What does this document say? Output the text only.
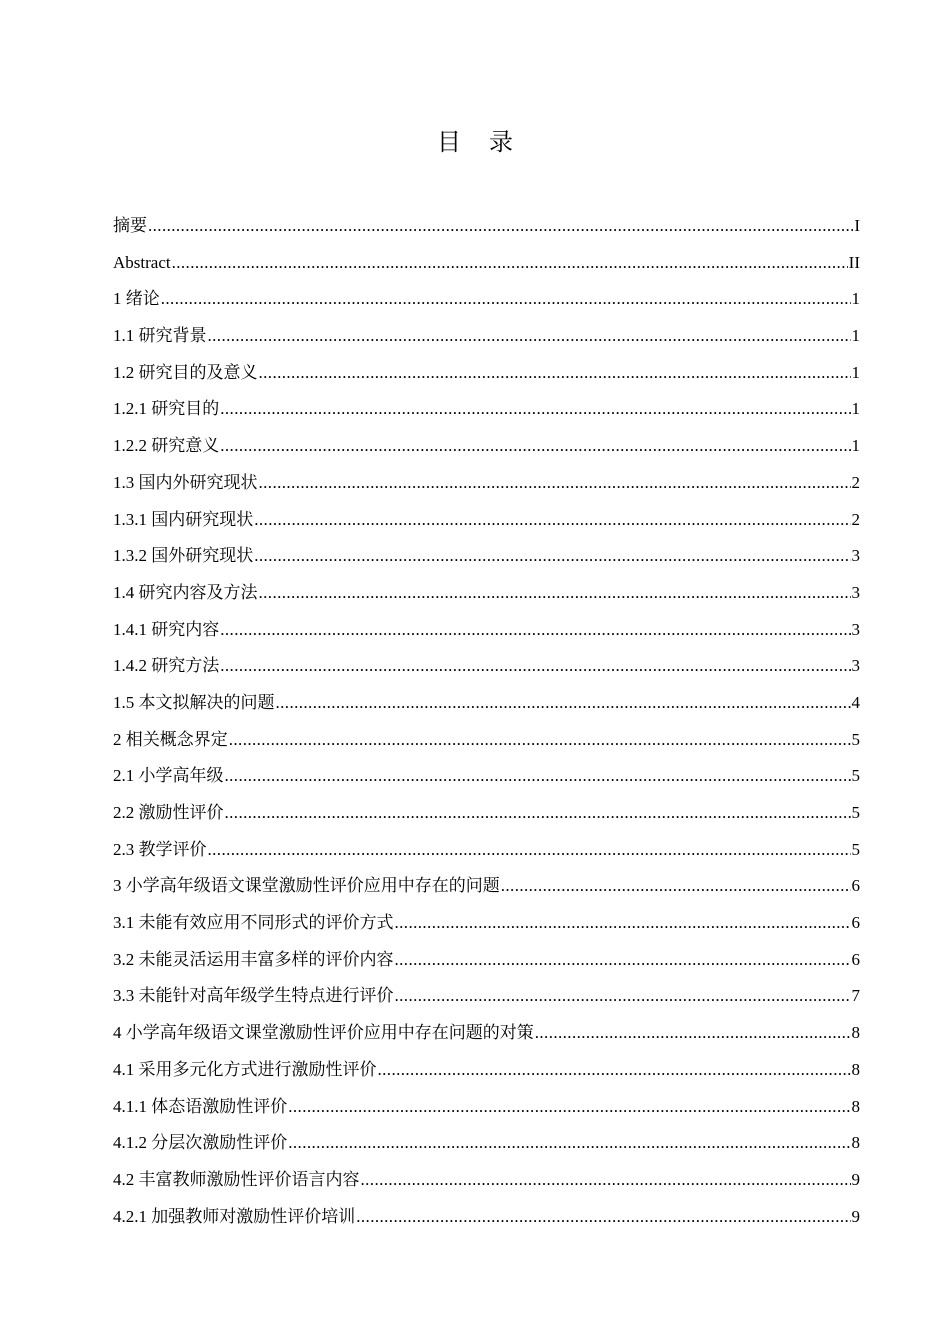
目 录
摘要 .....	I
Abstract .....	II
1 绪论 .....	1
1.1 研究背景 .....	1
1.2 研究目的及意义 .....	1
1.2.1 研究目的 .....	1
1.2.2 研究意义 .....	1
1.3 国内外研究现状 .....	2
1.3.1 国内研究现状 .....	2
1.3.2 国外研究现状 .....	3
1.4 研究内容及方法 .....	3
1.4.1 研究内容 .....	3
1.4.2 研究方法 .....	3
1.5 本文拟解决的问题 .....	4
2 相关概念界定 .....	5
2.1 小学高年级 .....	5
2.2 激励性评价 .....	5
2.3 教学评价 .....	5
3 小学高年级语文课堂激励性评价应用中存在的问题 .....	6
3.1 未能有效应用不同形式的评价方式 .....	6
3.2 未能灵活运用丰富多样的评价内容 .....	6
3.3 未能针对高年级学生特点进行评价 .....	7
4 小学高年级语文课堂激励性评价应用中存在问题的对策 .....	8
4.1 采用多元化方式进行激励性评价 .....	8
4.1.1 体态语激励性评价 .....	8
4.1.2 分层次激励性评价 .....	8
4.2 丰富教师激励性评价语言内容 .....	9
4.2.1 加强教师对激励性评价培训 .....	9
